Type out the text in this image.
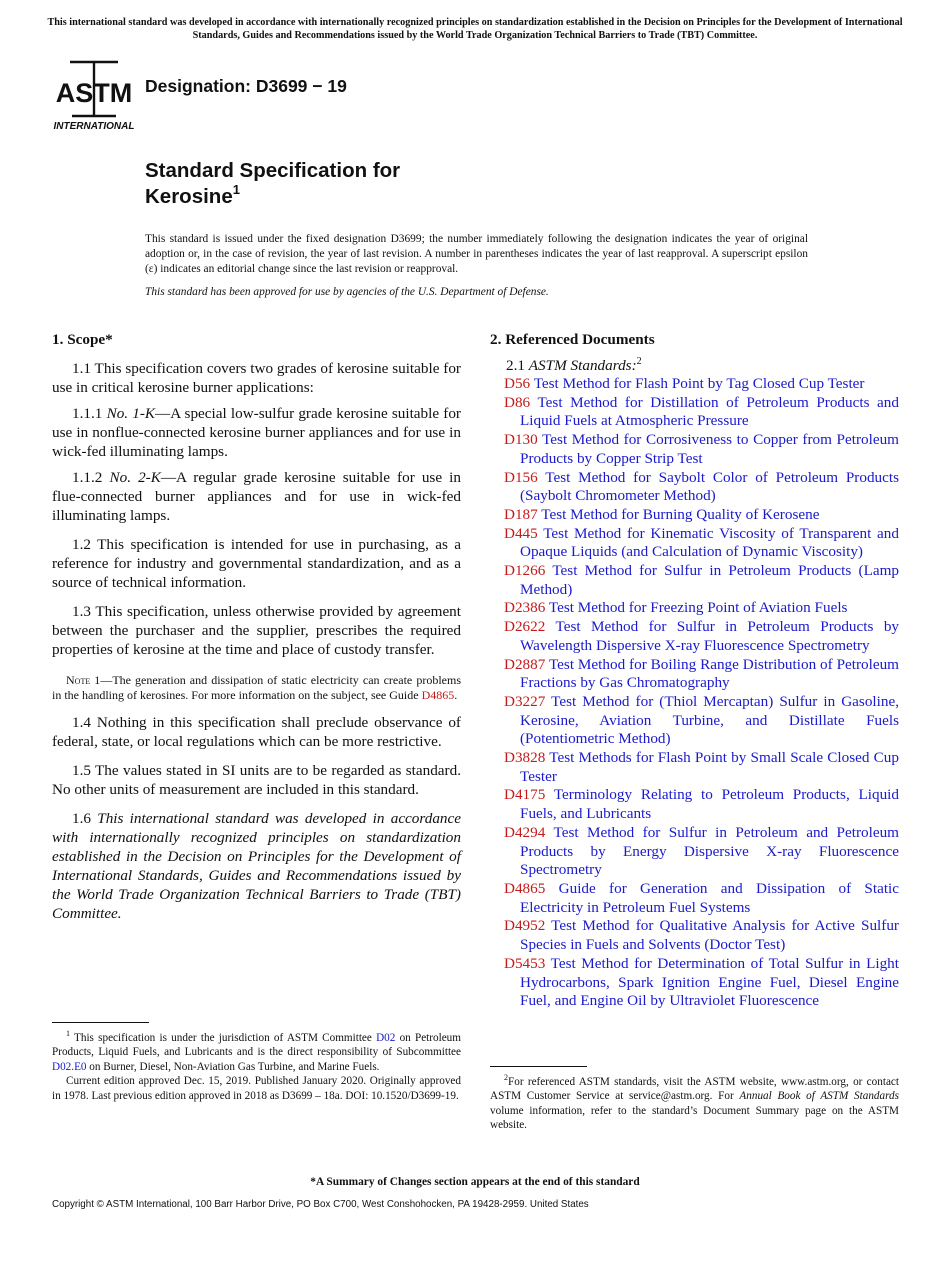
This international standard was developed in accordance with internationally recognized principles on standardization established in the Decision on Principles for the Development of International Standards, Guides and Recommendations issued by the World Trade Organization Technical Barriers to Trade (TBT) Committee.
ASTM
INTERNATIONAL
Designation: D3699 − 19
Standard Specification for
Kerosine$^1$
This standard is issued under the fixed designation D3699; the number immediately following the designation indicates the year of original adoption or, in the case of revision, the year of last revision. A number in parentheses indicates the year of last reapproval. A superscript epsilon (ε) indicates an editorial change since the last revision or reapproval.
This standard has been approved for use by agencies of the U.S. Department of Defense.
1. Scope*

1.1 This specification covers two grades of kerosine suitable for use in critical kerosine burner applications:

1.1.1 No. 1-K—A special low-sulfur grade kerosine suitable for use in nonflue-connected kerosine burner appliances and for use in wick-fed illuminating lamps.

1.1.2 No. 2-K—A regular grade kerosine suitable for use in flue-connected burner appliances and for use in wick-fed illuminating lamps.

1.2 This specification is intended for use in purchasing, as a reference for industry and governmental standardization, and as a source of technical information.

1.3 This specification, unless otherwise provided by agreement between the purchaser and the supplier, prescribes the required properties of kerosine at the time and place of custody transfer.

Note 1—The generation and dissipation of static electricity can create problems in the handling of kerosines. For more information on the subject, see Guide D4865.

1.4 Nothing in this specification shall preclude observance of federal, state, or local regulations which can be more restrictive.

1.5 The values stated in SI units are to be regarded as standard. No other units of measurement are included in this standard.

1.6 This international standard was developed in accordance with internationally recognized principles on standardization established in the Decision on Principles for the Development of International Standards, Guides and Recommendations issued by the World Trade Organization Technical Barriers to Trade (TBT) Committee.

2. Referenced Documents

2.1 ASTM Standards:$^2$

D56 Test Method for Flash Point by Tag Closed Cup Tester

D86 Test Method for Distillation of Petroleum Products and Liquid Fuels at Atmospheric Pressure

D130 Test Method for Corrosiveness to Copper from Petroleum Products by Copper Strip Test

D156 Test Method for Saybolt Color of Petroleum Products (Saybolt Chromometer Method)

D187 Test Method for Burning Quality of Kerosene

D445 Test Method for Kinematic Viscosity of Transparent and Opaque Liquids (and Calculation of Dynamic Viscosity)

D1266 Test Method for Sulfur in Petroleum Products (Lamp Method)

D2386 Test Method for Freezing Point of Aviation Fuels

D2622 Test Method for Sulfur in Petroleum Products by Wavelength Dispersive X-ray Fluorescence Spectrometry

D2887 Test Method for Boiling Range Distribution of Petroleum Fractions by Gas Chromatography

D3227 Test Method for (Thiol Mercaptan) Sulfur in Gasoline, Kerosine, Aviation Turbine, and Distillate Fuels (Potentiometric Method)

D3828 Test Methods for Flash Point by Small Scale Closed Cup Tester

D4175 Terminology Relating to Petroleum Products, Liquid Fuels, and Lubricants

D4294 Test Method for Sulfur in Petroleum and Petroleum Products by Energy Dispersive X-ray Fluorescence Spectrometry

D4865 Guide for Generation and Dissipation of Static Electricity in Petroleum Fuel Systems

D4952 Test Method for Qualitative Analysis for Active Sulfur Species in Fuels and Solvents (Doctor Test)

D5453 Test Method for Determination of Total Sulfur in Light Hydrocarbons, Spark Ignition Engine Fuel, Diesel Engine Fuel, and Engine Oil by Ultraviolet Fluorescence

$^1$ This specification is under the jurisdiction of ASTM Committee D02 on Petroleum Products, Liquid Fuels, and Lubricants and is the direct responsibility of Subcommittee D02.E0 on Burner, Diesel, Non-Aviation Gas Turbine, and Marine Fuels.

Current edition approved Dec. 15, 2019. Published January 2020. Originally approved in 1978. Last previous edition approved in 2018 as D3699 – 18a. DOI: 10.1520/D3699-19.

$^2$For referenced ASTM standards, visit the ASTM website, www.astm.org, or contact ASTM Customer Service at service@astm.org. For Annual Book of ASTM Standards volume information, refer to the standard’s Document Summary page on the ASTM website.

*A Summary of Changes section appears at the end of this standard
Copyright © ASTM International, 100 Barr Harbor Drive, PO Box C700, West Conshohocken, PA 19428-2959. United States
